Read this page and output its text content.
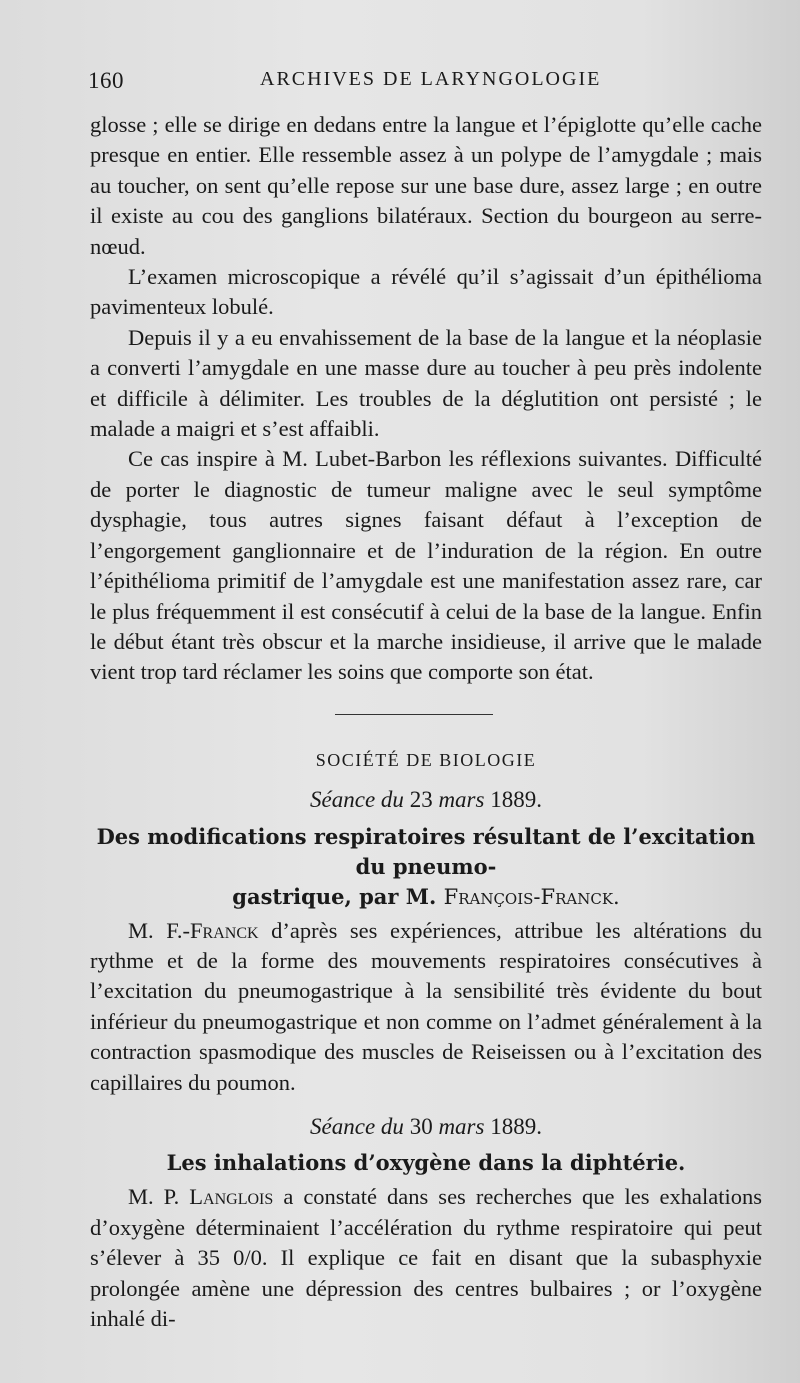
160	ARCHIVES DE LARYNGOLOGIE

glosse ; elle se dirige en dedans entre la langue et l’épiglotte qu’elle cache presque en entier. Elle ressemble assez à un polype de l’amygdale ; mais au toucher, on sent qu’elle repose sur une base dure, assez large ; en outre il existe au cou des ganglions bilatéraux. Section du bourgeon au serre-nœud.

L’examen microscopique a révélé qu’il s’agissait d’un épithélioma pavimenteux lobulé.

Depuis il y a eu envahissement de la base de la langue et la néoplasie a converti l’amygdale en une masse dure au toucher à peu près indolente et difficile à délimiter. Les troubles de la déglutition ont persisté ; le malade a maigri et s’est affaibli.

Ce cas inspire à M. Lubet-Barbon les réflexions suivantes. Difficulté de porter le diagnostic de tumeur maligne avec le seul symptôme dysphagie, tous autres signes faisant défaut à l’exception de l’engorgement ganglionnaire et de l’induration de la région. En outre l’épithélioma primitif de l’amygdale est une manifestation assez rare, car le plus fréquemment il est consécutif à celui de la base de la langue. Enfin le début étant très obscur et la marche insidieuse, il arrive que le malade vient trop tard réclamer les soins que comporte son état.

SOCIÉTÉ DE BIOLOGIE
Séance du 23 mars 1889.
Des modifications respiratoires résultant de l’excitation du pneumo-
gastrique, par M. François-Franck.

M. F.-Franck d’après ses expériences, attribue les altérations du rythme et de la forme des mouvements respiratoires consécutives à l’excitation du pneumogastrique à la sensibilité très évidente du bout inférieur du pneumogastrique et non comme on l’admet généralement à la contraction spasmodique des muscles de Reiseissen ou à l’excitation des capillaires du poumon.

Séance du 30 mars 1889.
Les inhalations d’oxygène dans la diphtérie.

M. P. Langlois a constaté dans ses recherches que les exhalations d’oxygène déterminaient l’accélération du rythme respiratoire qui peut s’élever à 35 0/0. Il explique ce fait en disant que la subasphyxie prolongée amène une dépression des centres bulbaires ; or l’oxygène inhalé di-
